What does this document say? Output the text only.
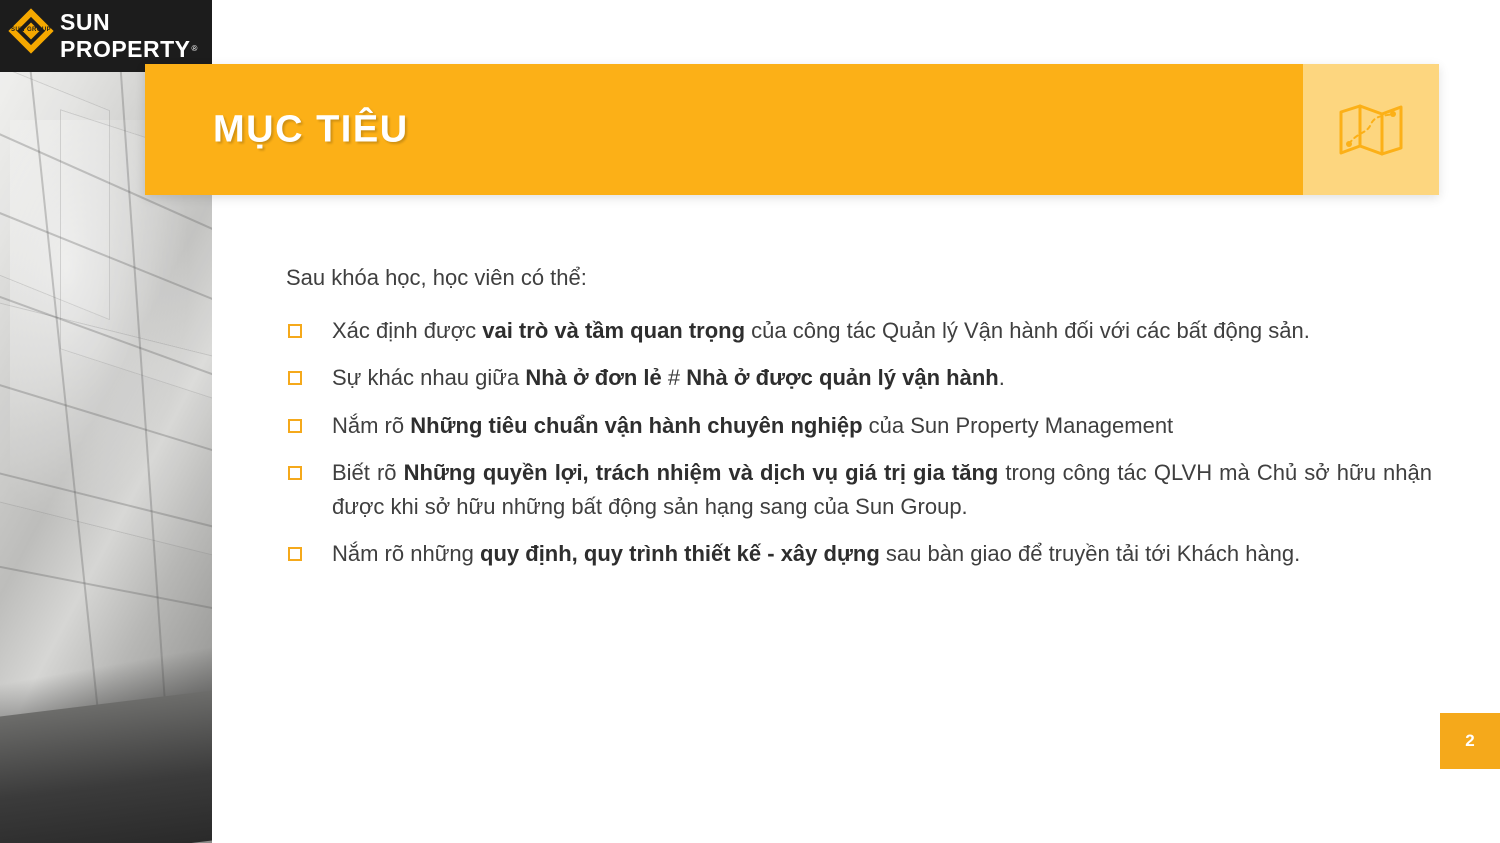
SUN GROUP SUN PROPERTY®
MỤC TIÊU
Sau khóa học, học viên có thể:
Xác định được vai trò và tầm quan trọng của công tác Quản lý Vận hành đối với các bất động sản.
Sự khác nhau giữa Nhà ở đơn lẻ # Nhà ở được quản lý vận hành.
Nắm rõ Những tiêu chuẩn vận hành chuyên nghiệp của Sun Property Management
Biết rõ Những quyền lợi, trách nhiệm và dịch vụ giá trị gia tăng trong công tác QLVH mà Chủ sở hữu nhận được khi sở hữu những bất động sản hạng sang của Sun Group.
Nắm rõ những quy định, quy trình thiết kế - xây dựng sau bàn giao để truyền tải tới Khách hàng.
2
